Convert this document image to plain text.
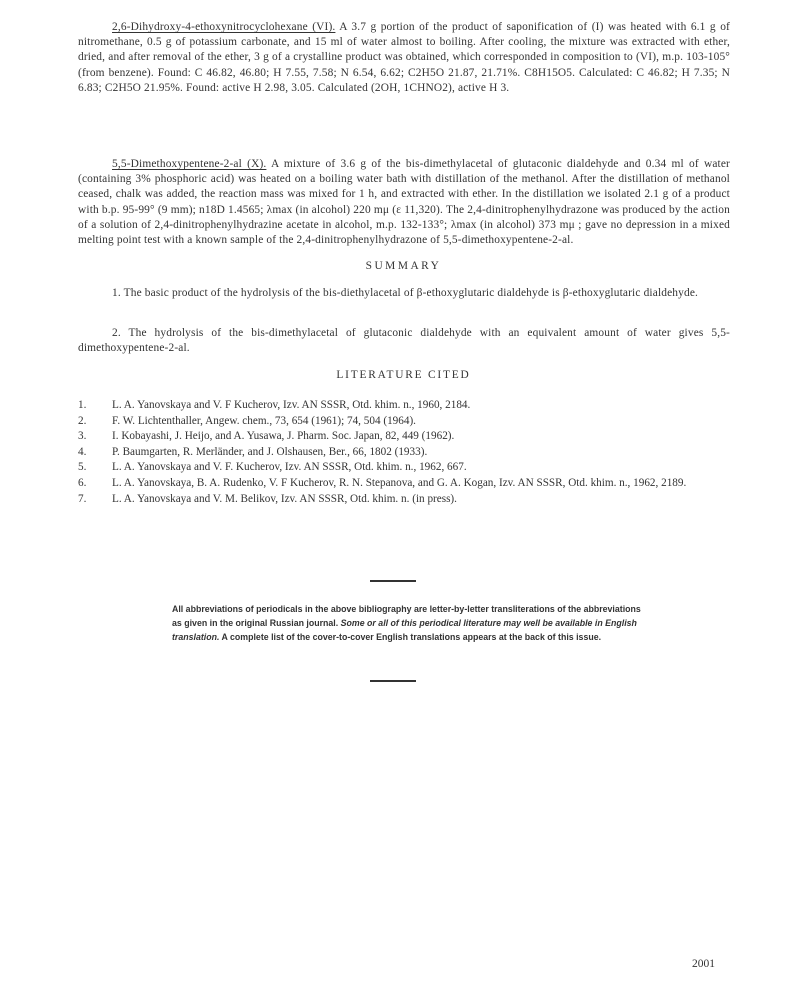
2,6-Dihydroxy-4-ethoxynitrocyclohexane (VI). A 3.7 g portion of the product of saponification of (I) was heated with 6.1 g of nitromethane, 0.5 g of potassium carbonate, and 15 ml of water almost to boiling. After cooling, the mixture was extracted with ether, dried, and after removal of the ether, 3 g of a crystalline product was obtained, which corresponded in composition to (VI), m.p. 103-105° (from benzene). Found: C 46.82, 46.80; H 7.55, 7.58; N 6.54, 6.62; C2H5O 21.87, 21.71%. C8H15O5. Calculated: C 46.82; H 7.35; N 6.83; C2H5O 21.95%. Found: active H 2.98, 3.05. Calculated (2OH, 1CHNO2), active H 3.

5,5-Dimethoxypentene-2-al (X). A mixture of 3.6 g of the bis-dimethylacetal of glutaconic dialdehyde and 0.34 ml of water (containing 3% phosphoric acid) was heated on a boiling water bath with distillation of the methanol. After the distillation of methanol ceased, chalk was added, the reaction mass was mixed for 1 h, and extracted with ether. In the distillation we isolated 2.1 g of a product with b.p. 95-99° (9 mm); n18D 1.4565; λmax (in alcohol) 220 mμ (ε 11,320). The 2,4-dinitrophenylhydrazone was produced by the action of a solution of 2,4-dinitrophenylhydrazine acetate in alcohol, m.p. 132-133°; λmax (in alcohol) 373 mμ ; gave no depression in a mixed melting point test with a known sample of the 2,4-dinitrophenylhydrazone of 5,5-dimethoxypentene-2-al.

SUMMARY

1. The basic product of the hydrolysis of the bis-diethylacetal of β-ethoxyglutaric dialdehyde is β-ethoxyglutaric dialdehyde.

2. The hydrolysis of the bis-dimethylacetal of glutaconic dialdehyde with an equivalent amount of water gives 5,5-dimethoxypentene-2-al.

LITERATURE CITED
1. L. A. Yanovskaya and V. F Kucherov, Izv. AN SSSR, Otd. khim. n., 1960, 2184.
2. F. W. Lichtenthaller, Angew. chem., 73, 654 (1961); 74, 504 (1964).
3. I. Kobayashi, J. Heijo, and A. Yusawa, J. Pharm. Soc. Japan, 82, 449 (1962).
4. P. Baumgarten, R. Merländer, and J. Olshausen, Ber., 66, 1802 (1933).
5. L. A. Yanovskaya and V. F. Kucherov, Izv. AN SSSR, Otd. khim. n., 1962, 667.
6. L. A. Yanovskaya, B. A. Rudenko, V. F Kucherov, R. N. Stepanova, and G. A. Kogan, Izv. AN SSSR, Otd. khim. n., 1962, 2189.
7. L. A. Yanovskaya and V. M. Belikov, Izv. AN SSSR, Otd. khim. n. (in press).

All abbreviations of periodicals in the above bibliography are letter-by-letter transliterations of the abbreviations as given in the original Russian journal. Some or all of this periodical literature may well be available in English translation. A complete list of the cover-to-cover English translations appears at the back of this issue.

2001
